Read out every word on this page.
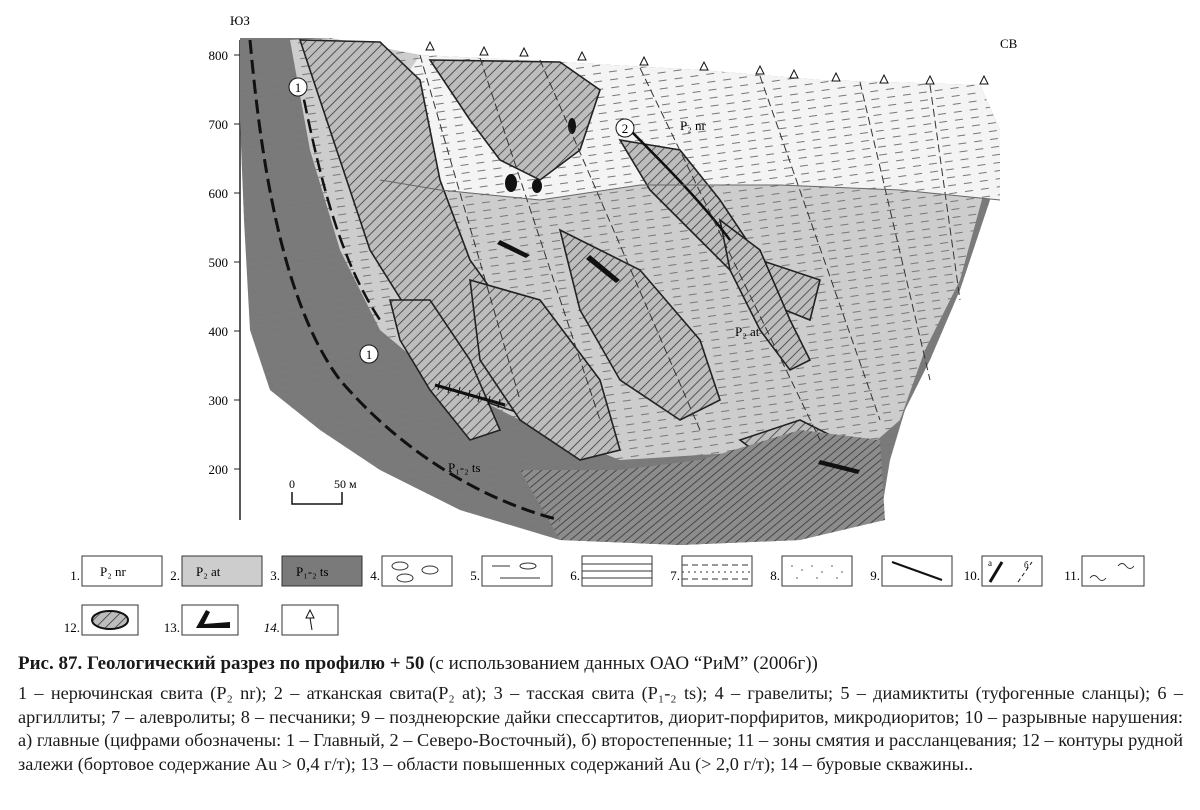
800
700
600
500
400
300
200
ЮЗ
СВ
1
2
1
P₂ nr
P₂ at
P₁-₂ ts
0	50 м
1. P₂ nr	2. P₂ at	3. P₁-₂ ts	4.	5.	6.	7.	8.	9.	10.
а	б
11.
12.	13.	14.
Рис. 87. Геологический разрез по профилю + 50 (с использованием данных ОАО “РиМ” (2006г))
1 – нерючинская свита (P₂ nr); 2 – атканская свита(P₂ at); 3 – тасская свита (P₁-₂ ts); 4 – гравелиты; 5 – диамиктиты (туфогенные сланцы); 6 – аргиллиты; 7 – алевролиты; 8 – песчаники; 9 – позднеюрские дайки спессартитов, диорит-порфиритов, микродиоритов; 10 – разрывные нарушения: а) главные (цифрами обозначены: 1 – Главный, 2 – Северо-Восточный), б) второстепенные; 11 – зоны смятия и рассланцевания; 12 – контуры рудной залежи (бортовое содержание Au > 0,4 г/т); 13 – области повышенных содержаний Au (> 2,0 г/т); 14 – буровые скважины..
